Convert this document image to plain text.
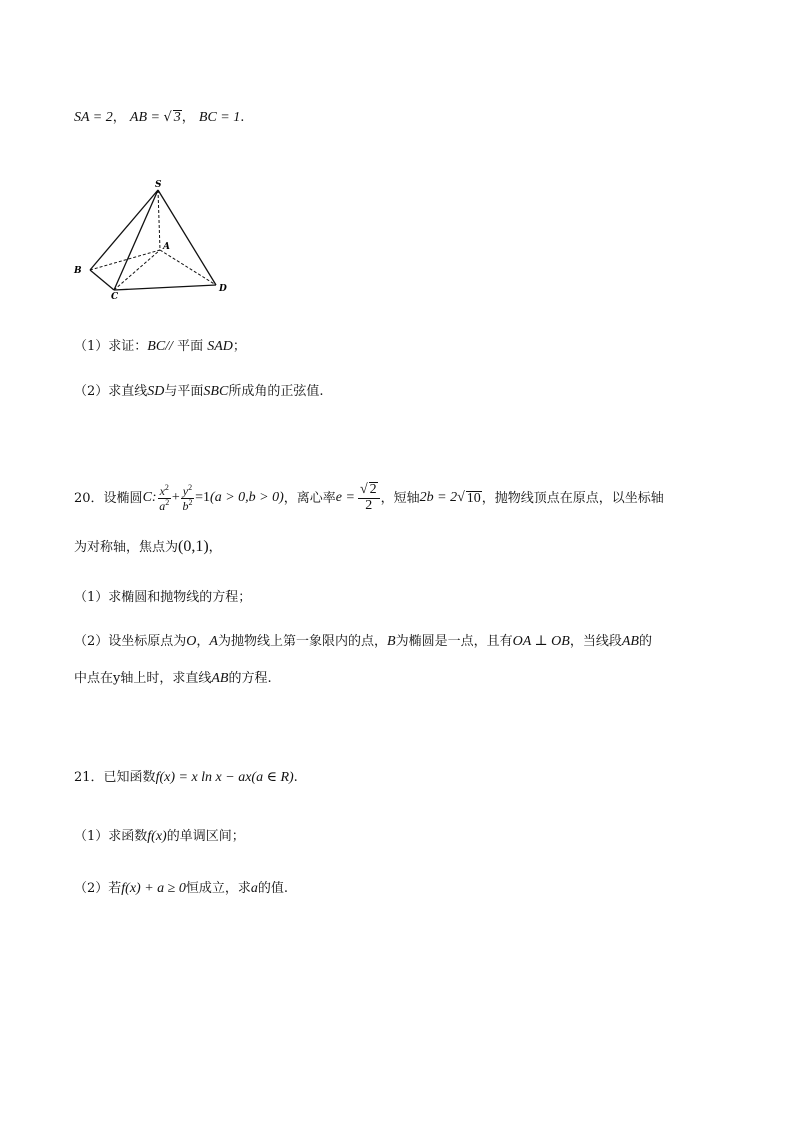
SA = 2， AB = √ 3， BC = 1.
S
A
B
C
D
（1）求证：BC// 平面 SAD；
（2）求直线SD与平面SBC所成角的正弦值.
20． 设椭圆 C: $\frac{x^2}{a^2} + \frac{y^2}{b^2} =1$ (a > 0,b > 0) ，离心率 $e = \frac{√ 2}{2}$ ，短轴 2b = 2 √ 10 ，抛物线顶点在原点，以坐标轴
为对称轴，焦点为(0,1)，
（1）求椭圆和抛物线的方程；
（2）设坐标原点为O，A为抛物线上第一象限内的点，B为椭圆是一点，且有OA ⊥ OB，当线段AB的
中点在y轴上时，求直线AB的方程.
21．已知函数f(x) = x ln x − ax(a ∈ R).
（1）求函数f(x)的单调区间；
（2）若f(x) + a ≥ 0恒成立，求a的值.
